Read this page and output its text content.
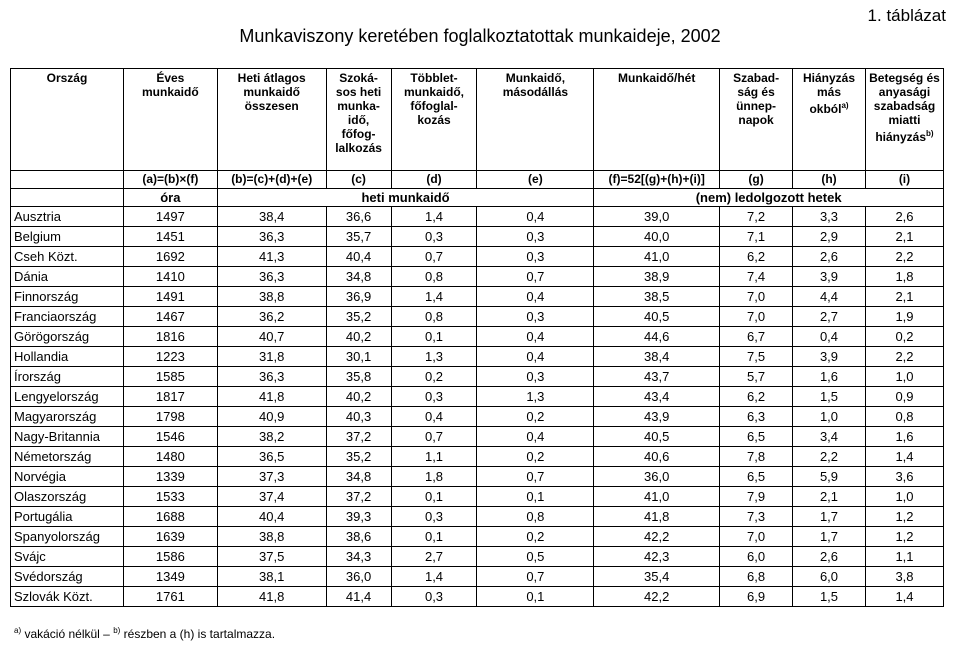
1. táblázat
Munkaviszony keretében foglalkoztatottak munkaideje, 2002
Ország	Éves munkaidő	Heti átlagos munkaidő összesen	Szoká-sos heti munka-idő, főfog-lalkozás	Többlet-munkaidő, főfoglal-kozás	Munkaidő, másodállás	Munkaidő/hét	Szabad-ság és ünnep-napok	Hiányzás más okból$^{a)}$	Betegség és anyasági szabadság miatti hiányzás$^{b)}$
	(a)=(b)×(f)	(b)=(c)+(d)+(e)	(c)	(d)	(e)	(f)=52[(g)+(h)+(i)]	(g)	(h)	(i)
	óra	heti munkaidő				(nem) ledolgozott hetek			
Ausztria	1497	38,4	36,6	1,4	0,4	39,0	7,2	3,3	2,6
Belgium	1451	36,3	35,7	0,3	0,3	40,0	7,1	2,9	2,1
Cseh Közt.	1692	41,3	40,4	0,7	0,3	41,0	6,2	2,6	2,2
Dánia	1410	36,3	34,8	0,8	0,7	38,9	7,4	3,9	1,8
Finnország	1491	38,8	36,9	1,4	0,4	38,5	7,0	4,4	2,1
Franciaország	1467	36,2	35,2	0,8	0,3	40,5	7,0	2,7	1,9
Görögország	1816	40,7	40,2	0,1	0,4	44,6	6,7	0,4	0,2
Hollandia	1223	31,8	30,1	1,3	0,4	38,4	7,5	3,9	2,2
Írország	1585	36,3	35,8	0,2	0,3	43,7	5,7	1,6	1,0
Lengyelország	1817	41,8	40,2	0,3	1,3	43,4	6,2	1,5	0,9
Magyarország	1798	40,9	40,3	0,4	0,2	43,9	6,3	1,0	0,8
Nagy-Britannia	1546	38,2	37,2	0,7	0,4	40,5	6,5	3,4	1,6
Németország	1480	36,5	35,2	1,1	0,2	40,6	7,8	2,2	1,4
Norvégia	1339	37,3	34,8	1,8	0,7	36,0	6,5	5,9	3,6
Olaszország	1533	37,4	37,2	0,1	0,1	41,0	7,9	2,1	1,0
Portugália	1688	40,4	39,3	0,3	0,8	41,8	7,3	1,7	1,2
Spanyolország	1639	38,8	38,6	0,1	0,2	42,2	7,0	1,7	1,2
Svájc	1586	37,5	34,3	2,7	0,5	42,3	6,0	2,6	1,1
Svédország	1349	38,1	36,0	1,4	0,7	35,4	6,8	6,0	3,8
Szlovák Közt.	1761	41,8	41,4	0,3	0,1	42,2	6,9	1,5	1,4
$^{a)}$ vakáció nélkül – $^{b)}$ részben a (h) is tartalmazza.
